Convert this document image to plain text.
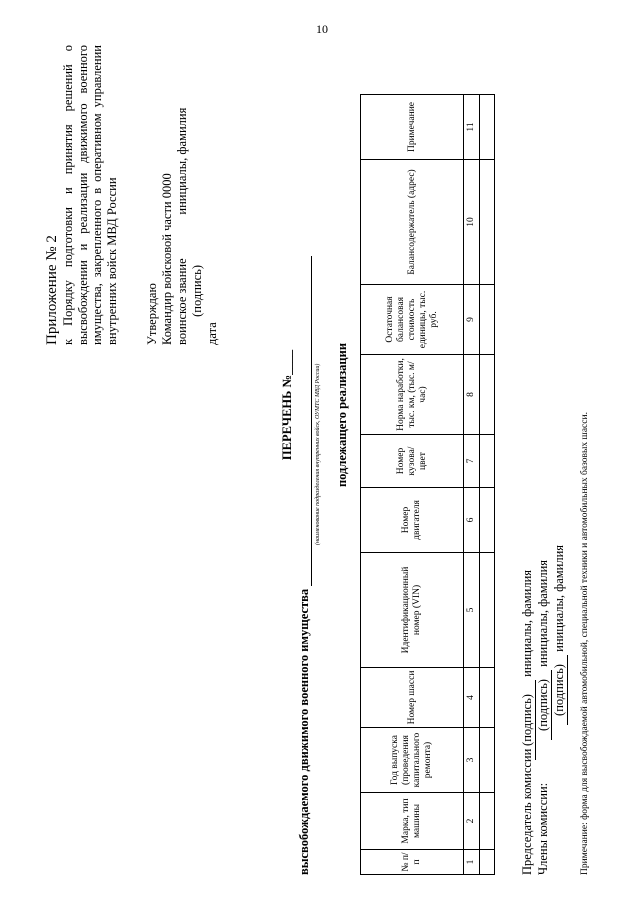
10
Приложение № 2 к Порядку подготовки и принятия решений о высвобождении и реализации движимого военного имущества, закрепленного в оперативном управлении внутренних войск МВД России Утверждаю Командир войсковой части 0000 воинское звание              инициалы, фамилия (подпись) дата
ПЕРЕЧЕНЬ №____
высвобождаемого движимого военного имущества
(наименование подразделения внутренних войск, ОУМТС МВД России) подлежащего реализации
№ п/п	Марка, тип машины	Год выпуска (проведения капитального ремонта)	Номер шасси	Идентификационный номер (VIN)	Номер двигателя	Номер кузова/ цвет	Норма наработки, тыс. км, (тыс. м/час)	Остаточная балансовая стоимость единицы, тыс. руб.	Балансодержатель (адрес)	Примечание
1	2	3	4	5	6	7	8	9	10	11

Председатель комиссии(подпись) инициалы, фамилия
Члены комиссии:(подпись) инициалы, фамилия
(подпись) инициалы, фамилия Примечание: форма для высвобождаемой автомобильной, специальной техники и автомобильных базовых шасси.
